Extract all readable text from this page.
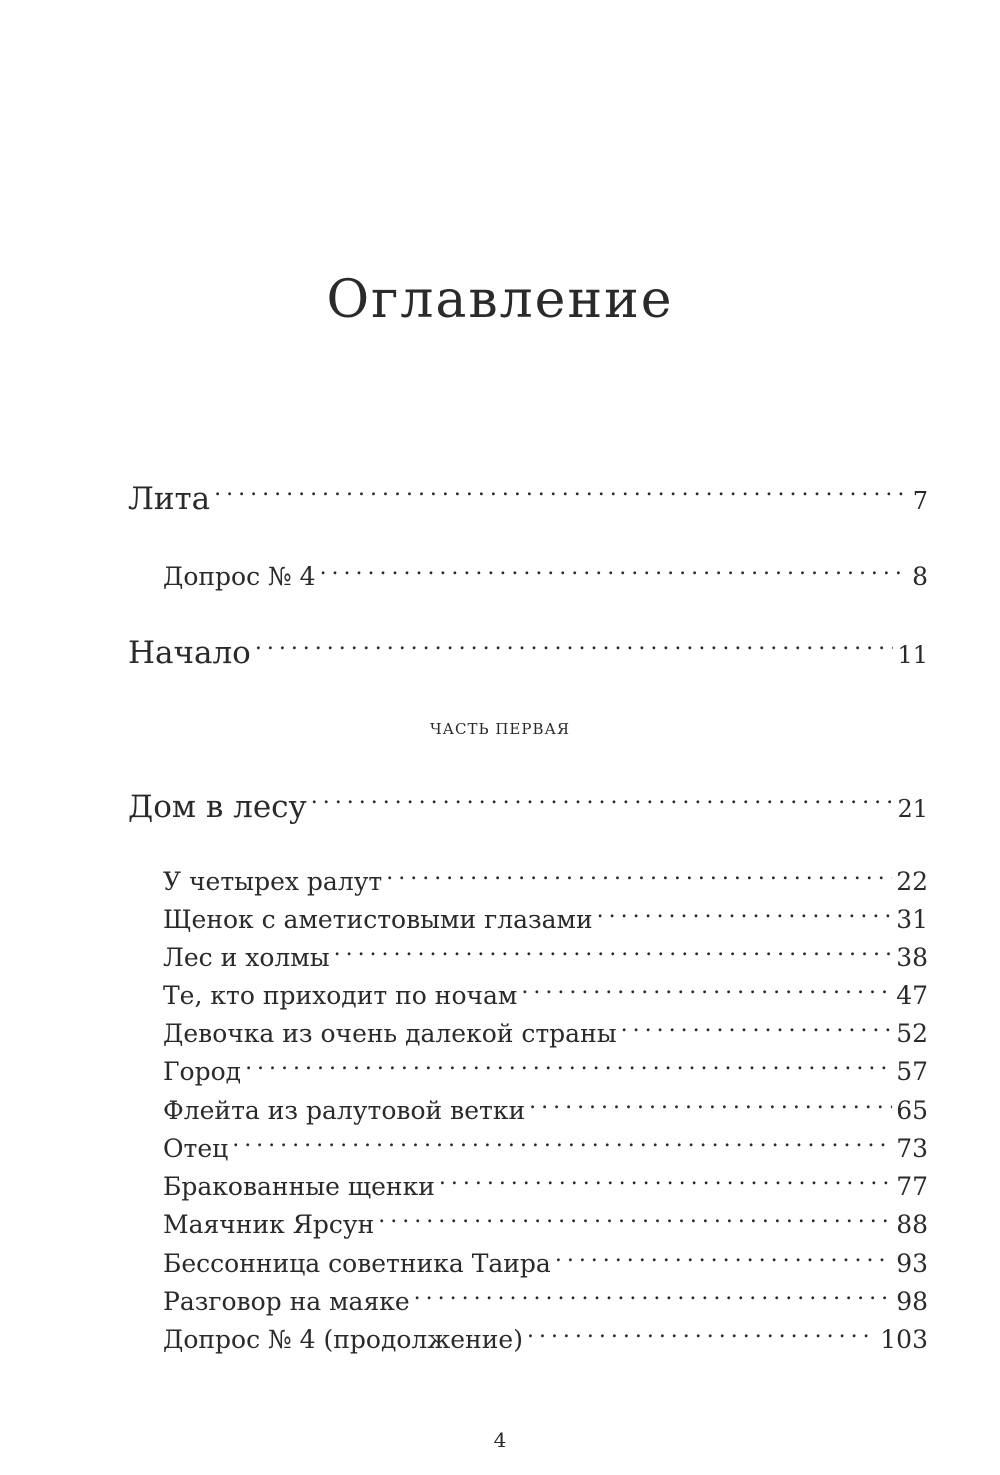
Оглавление
Лита . . .	7
Допрос № 4 . . .	8
Начало . . .	11
ЧАСТЬ ПЕРВАЯ
Дом в лесу . . .	21
У четырех ралут . . .	22
Щенок с аметистовыми глазами . . .	31
Лес и холмы . . .	38
Те, кто приходит по ночам . . .	47
Девочка из очень далекой страны . . .	52
Город . . .	57
Флейта из ралутовой ветки . . .	65
Отец . . .	73
Бракованные щенки . . .	77
Маячник Ярсун . . .	88
Бессонница советника Таира . . .	93
Разговор на маяке . . .	98
Допрос № 4 (продолжение) . . .	103
4
